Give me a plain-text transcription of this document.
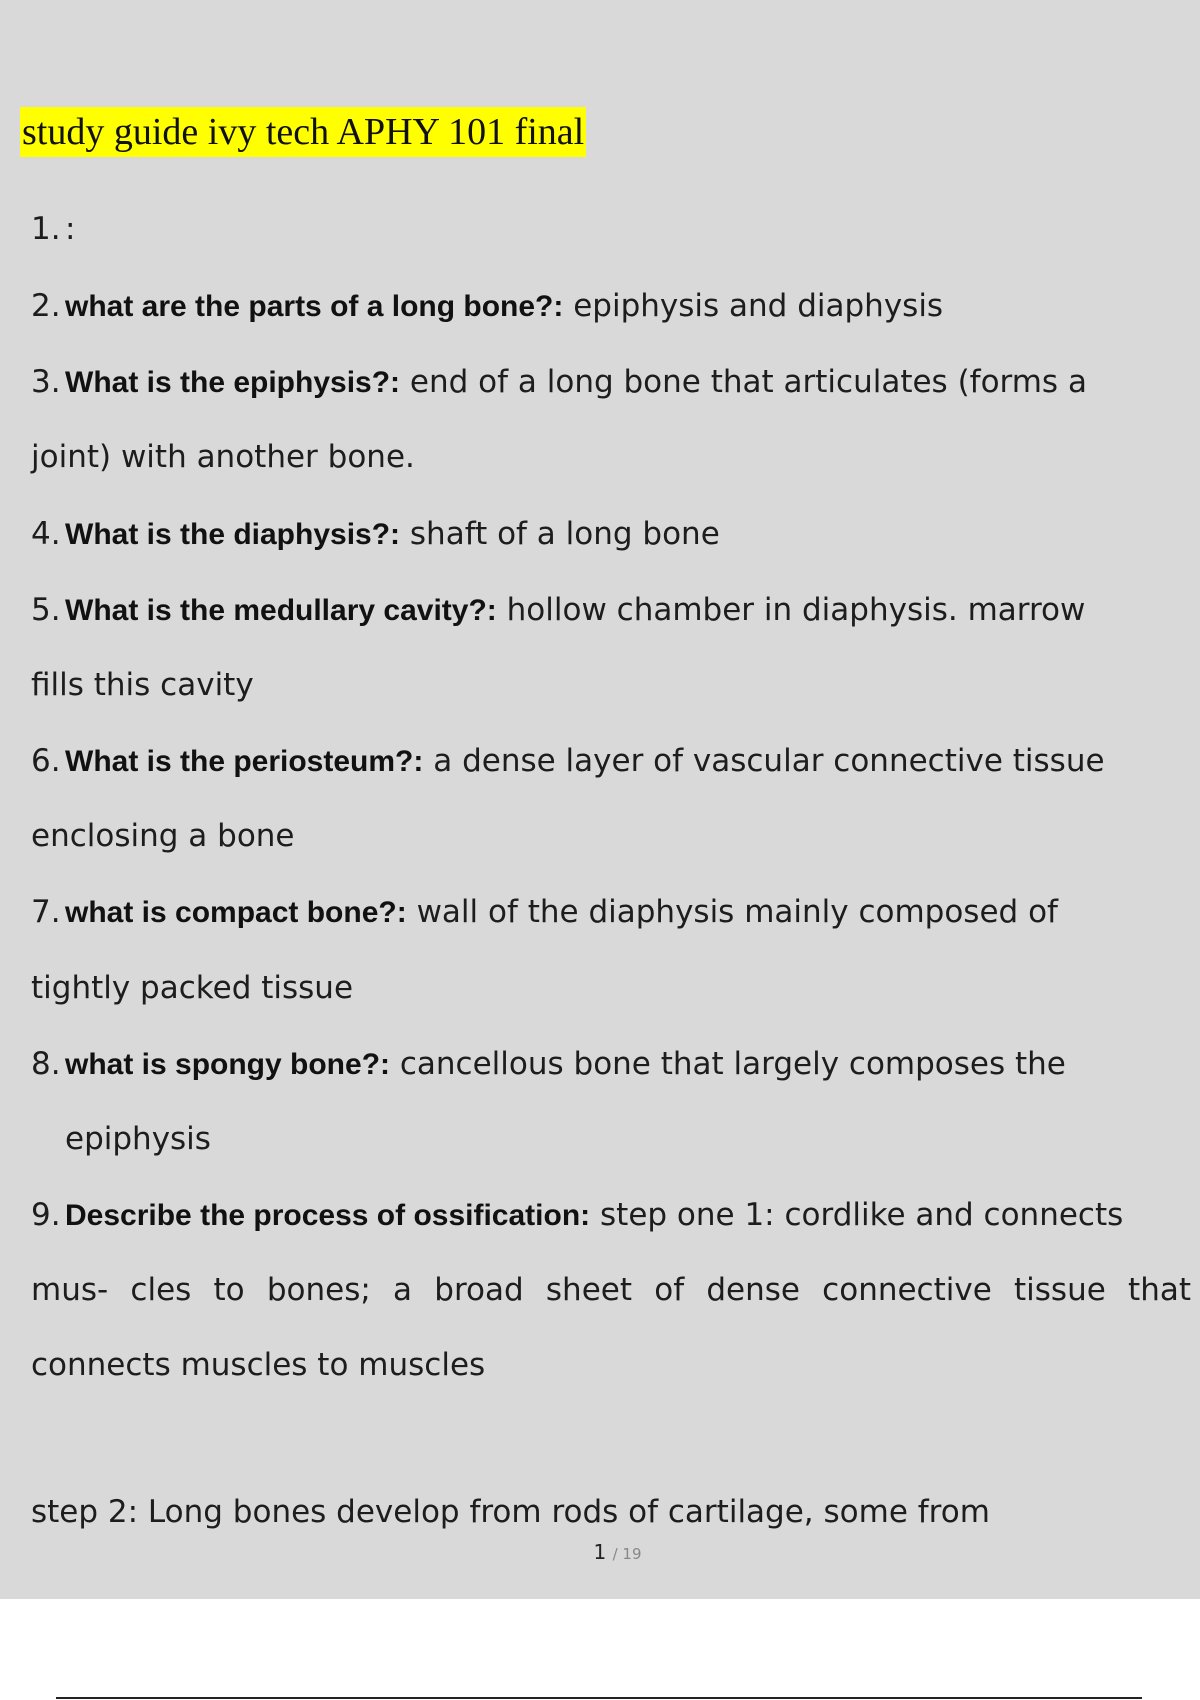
study guide ivy tech APHY 101 final
1. :
2. what are the parts of a long bone?: epiphysis and diaphysis
3. What is the epiphysis?: end of a long bone that articulates (forms a
joint) with another bone.
4. What is the diaphysis?: shaft of a long bone
5. What is the medullary cavity?: hollow chamber in diaphysis. marrow
fills this cavity
6. What is the periosteum?: a dense layer of vascular connective tissue
enclosing a bone
7. what is compact bone?: wall of the diaphysis mainly composed of
tightly packed tissue
8. what is spongy bone?: cancellous bone that largely composes the
epiphysis
9. Describe the process of ossification: step one 1: cordlike and connects
mus- cles to bones; a broad sheet of dense connective tissue that
connects muscles to muscles
step 2: Long bones develop from rods of cartilage, some from
1 / 19
